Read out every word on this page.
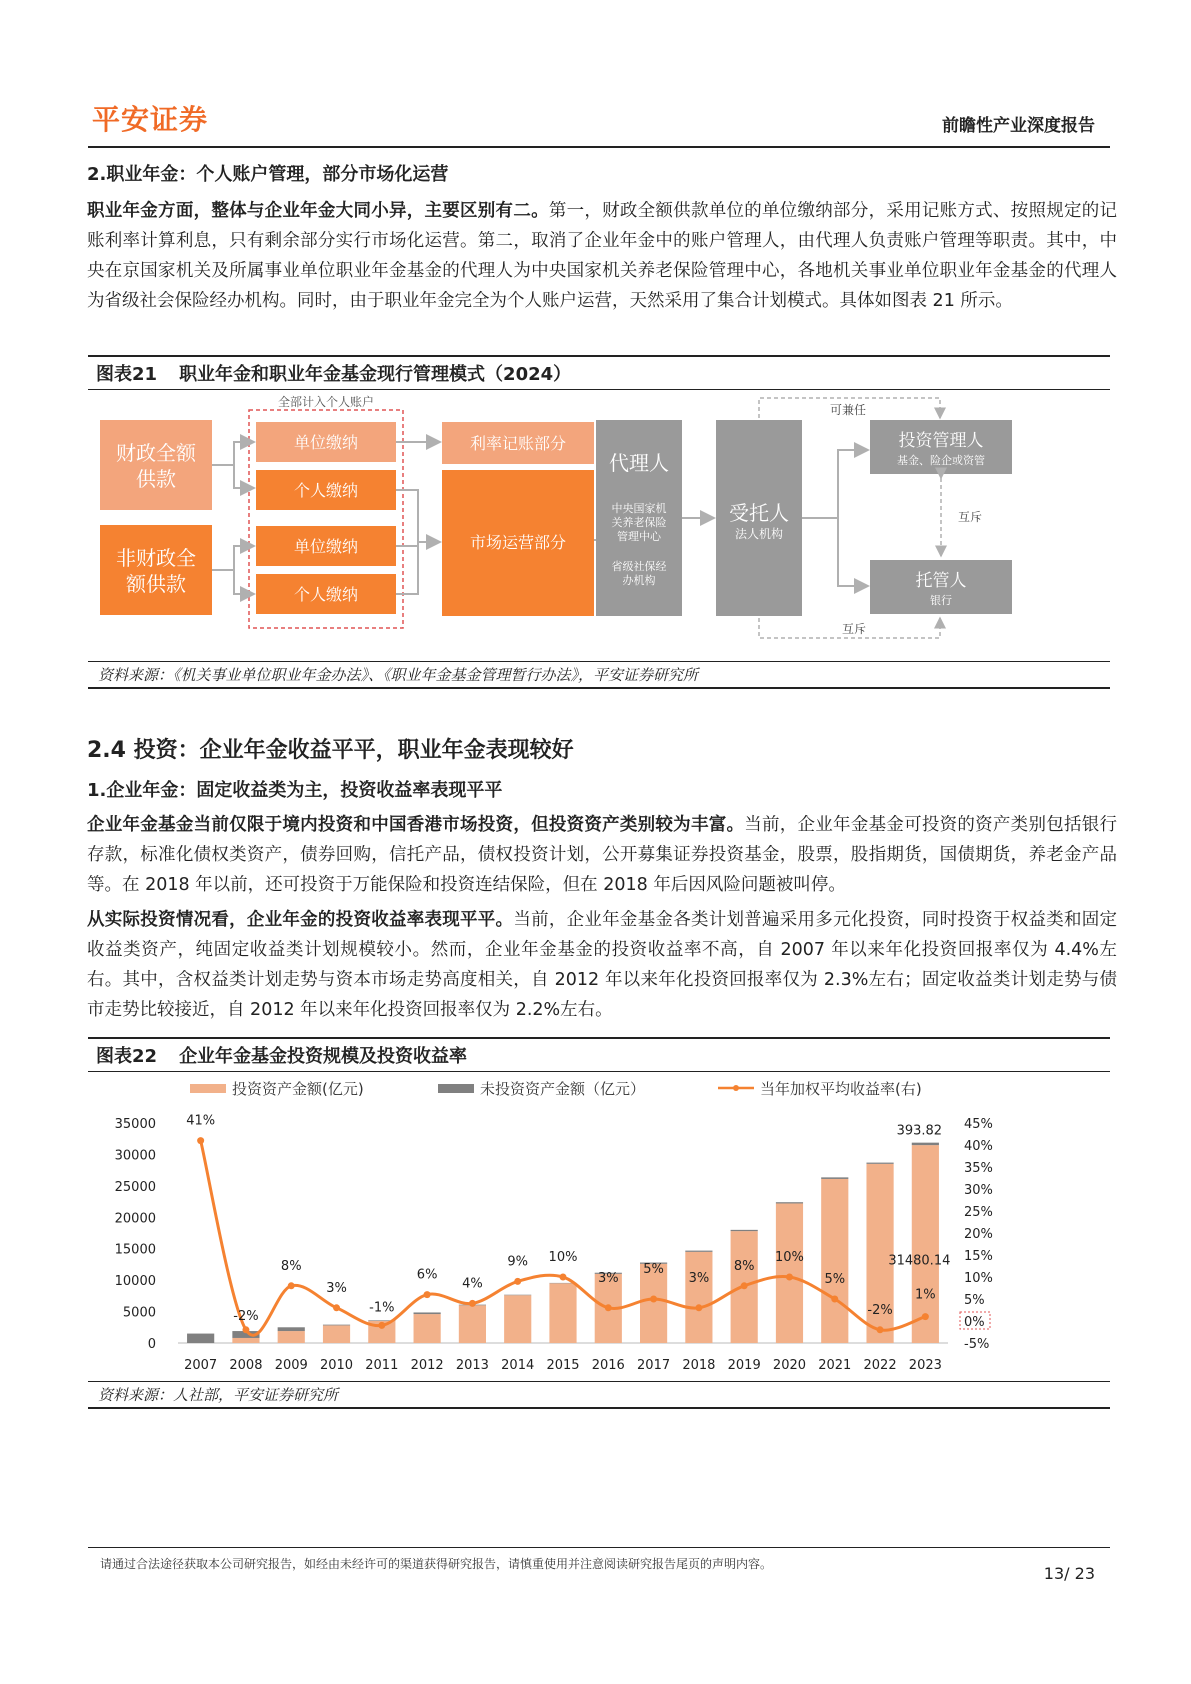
平安证券	前瞻性产业深度报告
2.职业年金：个人账户管理，部分市场化运营
职业年金方面，整体与企业年金大同小异，主要区别有二。第一，财政全额供款单位的单位缴纳部分，采用记账方式、按照规定的记账利率计算利息，只有剩余部分实行市场化运营。第二，取消了企业年金中的账户管理人，由代理人负责账户管理等职责。其中，中央在京国家机关及所属事业单位职业年金基金的代理人为中央国家机关养老保险管理中心，各地机关事业单位职业年金基金的代理人为省级社会保险经办机构。同时，由于职业年金完全为个人账户运营，天然采用了集合计划模式。具体如图表 21 所示。
图表21 职业年金和职业年金基金现行管理模式（2024）
全部计入个人账户
财政全额
供款
非财政全
额供款
单位缴纳
个人缴纳
单位缴纳
个人缴纳
利率记账部分
市场运营部分
代理人
中央国家机
关养老保险
管理中心
省级社保经
办机构
受托人
法人机构
可兼任
互斥
投资管理人
基金、险企或资管
托管人
银行
互斥
资料来源：《机关事业单位职业年金办法》、《职业年金基金管理暂行办法》，平安证券研究所
2.4 投资：企业年金收益平平，职业年金表现较好
1.企业年金：固定收益类为主，投资收益率表现平平
企业年金基金当前仅限于境内投资和中国香港市场投资，但投资资产类别较为丰富。当前，企业年金基金可投资的资产类别包括银行存款，标准化债权类资产，债券回购，信托产品，债权投资计划，公开募集证券投资基金，股票，股指期货，国债期货，养老金产品等。在 2018 年以前，还可投资于万能保险和投资连结保险，但在 2018 年后因风险问题被叫停。
从实际投资情况看，企业年金的投资收益率表现平平。当前，企业年金基金各类计划普遍采用多元化投资，同时投资于权益类和固定收益类资产，纯固定收益类计划规模较小。然而，企业年金基金的投资收益率不高，自 2007 年以来年化投资回报率仅为 4.4%左右。其中，含权益类计划走势与资本市场走势高度相关，自 2012 年以来年化投资回报率仅为 2.3%左右；固定收益类计划走势与债市走势比较接近，自 2012 年以来年化投资回报率仅为 2.2%左右。
图表22 企业年金基金投资规模及投资收益率
投资资产金额(亿元)	未投资资产金额（亿元）	当年加权平均收益率(右)
35000
30000
25000
20000
15000
10000
5000
0
45%
40%
35%
30%
25%
20%
15%
10%
5%
0%
-5%
2007 2008 2009 2010 2011 2012 2013 2014 2015 2016 2017 2018 2019 2020 2021 2022 2023
41%
-2%
8%
3%
-1%
6%
4%
9% 10%
3%
5%
3%
8%
10%
5%
-2%
1%
393.82
31480.14
资料来源：人社部，平安证券研究所
请通过合法途径获取本公司研究报告，如经由未经许可的渠道获得研究报告，请慎重使用并注意阅读研究报告尾页的声明内容。	13/ 23
